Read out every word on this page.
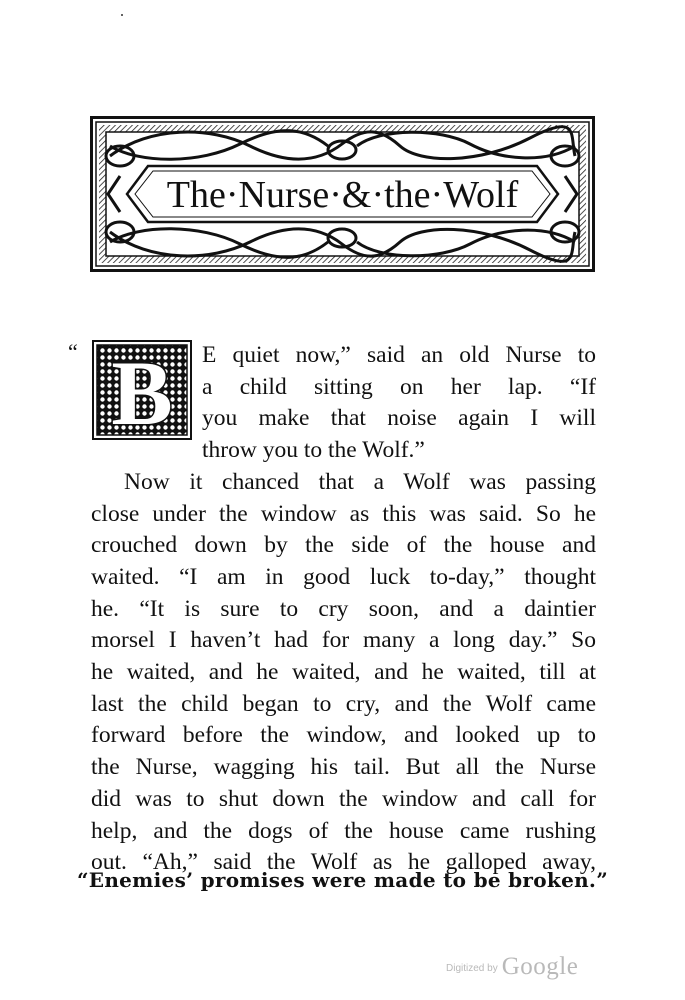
The·Nurse·&·the·Wolf
“ B E quiet now,” said an old Nurse to
a child sitting on her lap. “If
you make that noise again I will
throw you to the Wolf.”
Now it chanced that a Wolf was passing
close under the window as this was said. So he
crouched down by the side of the house and
waited. “I am in good luck to-day,” thought
he. “It is sure to cry soon, and a daintier
morsel I haven’t had for many a long day.” So
he waited, and he waited, and he waited, till at
last the child began to cry, and the Wolf came
forward before the window, and looked up to
the Nurse, wagging his tail. But all the Nurse
did was to shut down the window and call for
help, and the dogs of the house came rushing
out. “Ah,” said the Wolf as he galloped away,
“Enemies’ promises were made to be broken.”
Digitized by Google
